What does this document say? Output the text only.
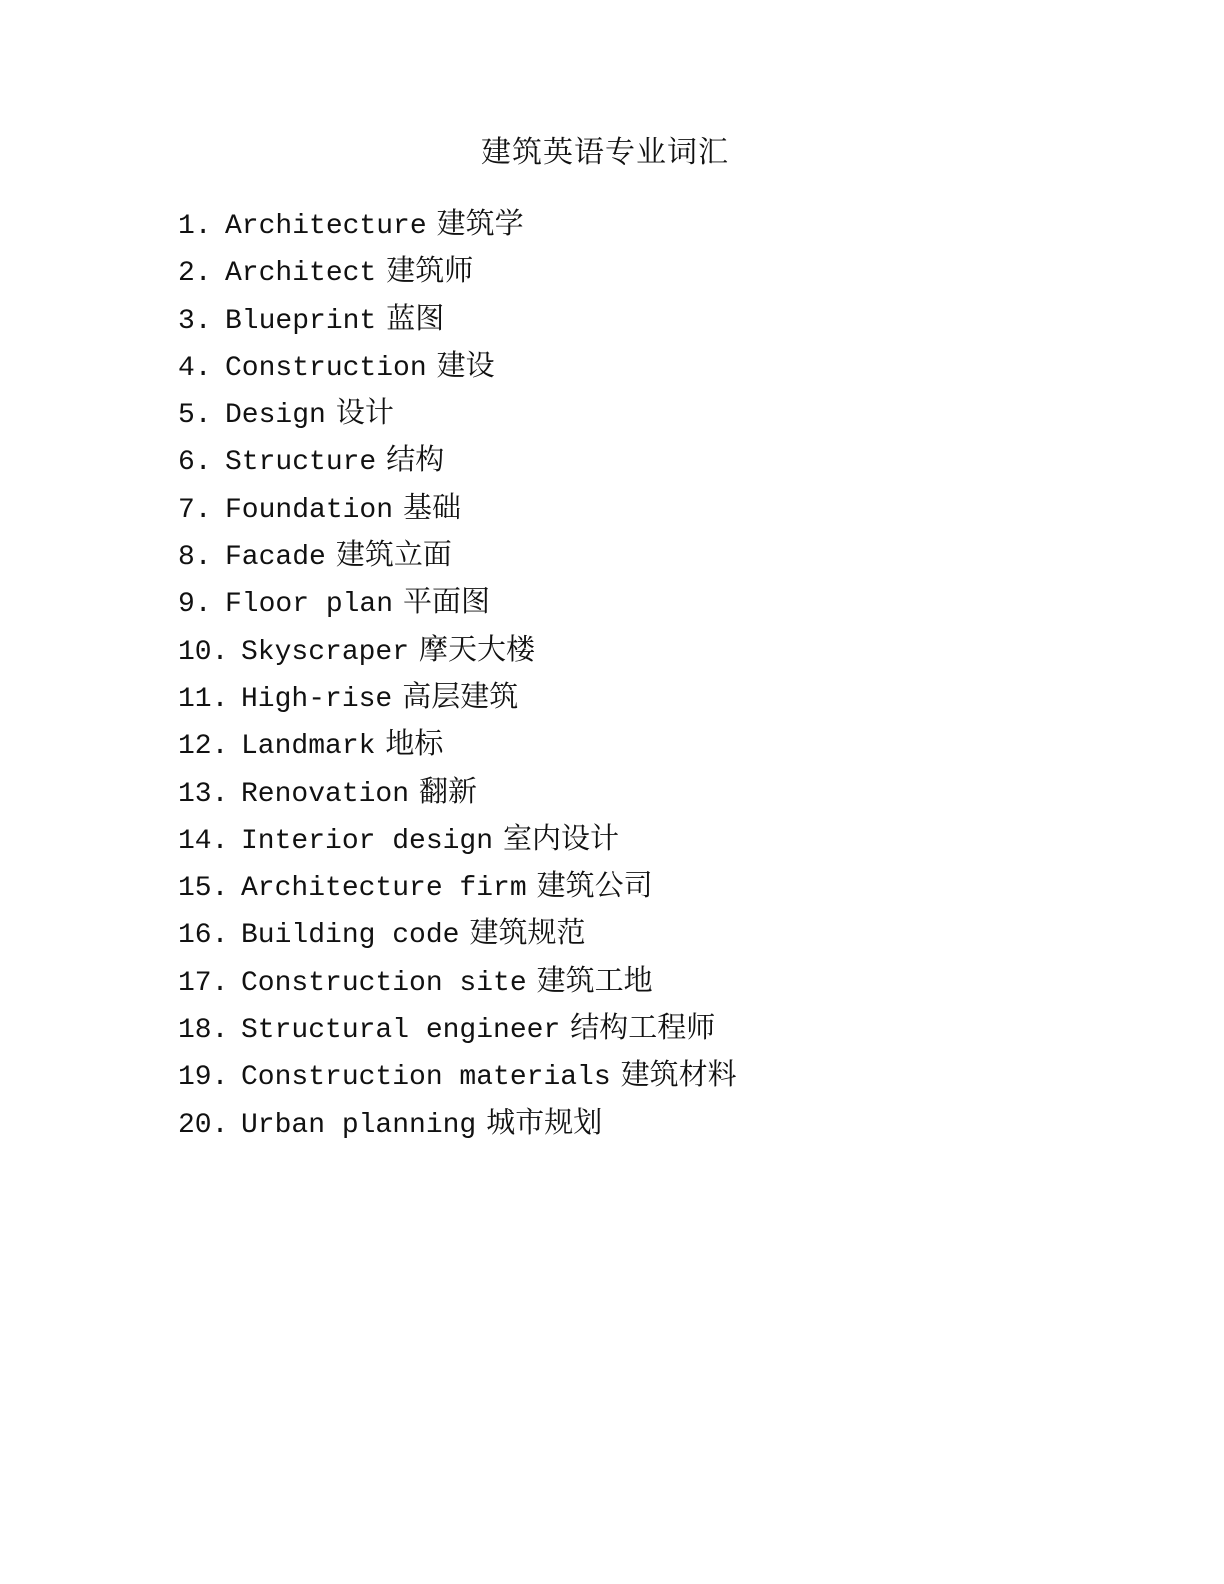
建筑英语专业词汇
1. Architecture 建筑学
2. Architect 建筑师
3. Blueprint 蓝图
4. Construction 建设
5. Design 设计
6. Structure 结构
7. Foundation 基础
8. Facade 建筑立面
9. Floor plan 平面图
10. Skyscraper 摩天大楼
11. High-rise 高层建筑
12. Landmark 地标
13. Renovation 翻新
14. Interior design 室内设计
15. Architecture firm 建筑公司
16. Building code 建筑规范
17. Construction site 建筑工地
18. Structural engineer 结构工程师
19. Construction materials 建筑材料
20. Urban planning 城市规划
